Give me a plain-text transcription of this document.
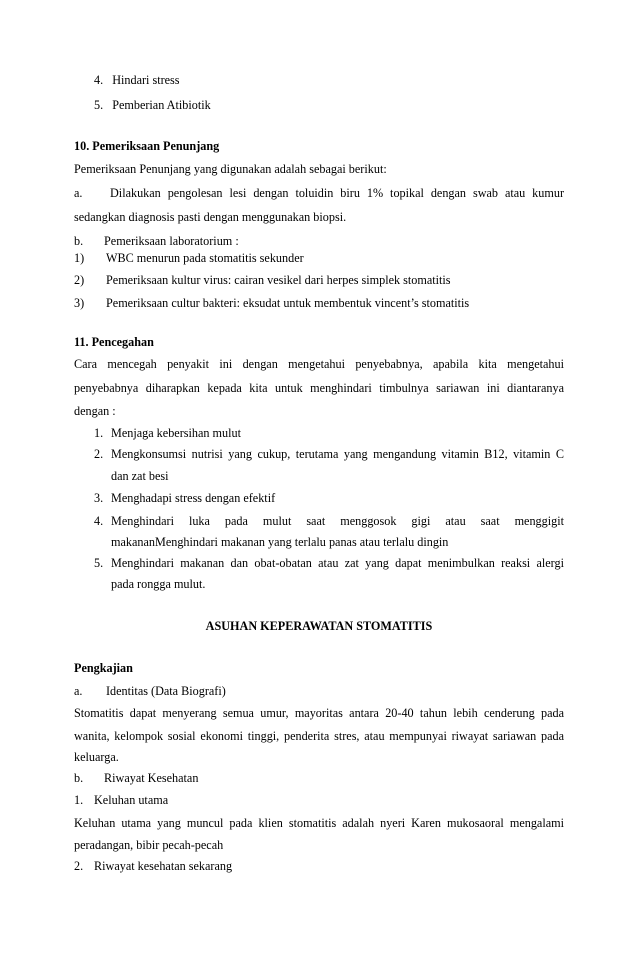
4. Hindari stress
5. Pemberian Atibiotik
10. Pemeriksaan Penunjang
Pemeriksaan Penunjang yang digunakan adalah sebagai berikut:
a. Dilakukan pengolesan lesi dengan toluidin biru 1% topikal dengan swab atau kumur
sedangkan diagnosis pasti dengan menggunakan biopsi.
b. Pemeriksaan laboratorium :
1) WBC menurun pada stomatitis sekunder
2) Pemeriksaan kultur virus: cairan vesikel dari herpes simplek stomatitis
3) Pemeriksaan cultur bakteri: eksudat untuk membentuk vincent’s stomatitis
11. Pencegahan
Cara mencegah penyakit ini dengan mengetahui penyebabnya, apabila kita mengetahui
penyebabnya diharapkan kepada kita untuk menghindari timbulnya sariawan ini diantaranya
dengan :
1. Menjaga kebersihan mulut
2. Mengkonsumsi nutrisi yang cukup, terutama yang mengandung vitamin B12, vitamin C
dan zat besi
3. Menghadapi stress dengan efektif
4. Menghindari luka pada mulut saat menggosok gigi atau saat menggigit
makananMenghindari makanan yang terlalu panas atau terlalu dingin
5. Menghindari makanan dan obat-obatan atau zat yang dapat menimbulkan reaksi alergi
pada rongga mulut.
ASUHAN KEPERAWATAN STOMATITIS
Pengkajian
a. Identitas (Data Biografi)
Stomatitis dapat menyerang semua umur, mayoritas antara 20-40 tahun lebih cenderung pada
wanita, kelompok sosial ekonomi tinggi, penderita stres, atau mempunyai riwayat sariawan pada
keluarga.
b. Riwayat Kesehatan
1. Keluhan utama
Keluhan utama yang muncul pada klien stomatitis adalah nyeri Karen mukosaoral mengalami
peradangan, bibir pecah-pecah
2. Riwayat kesehatan sekarang
